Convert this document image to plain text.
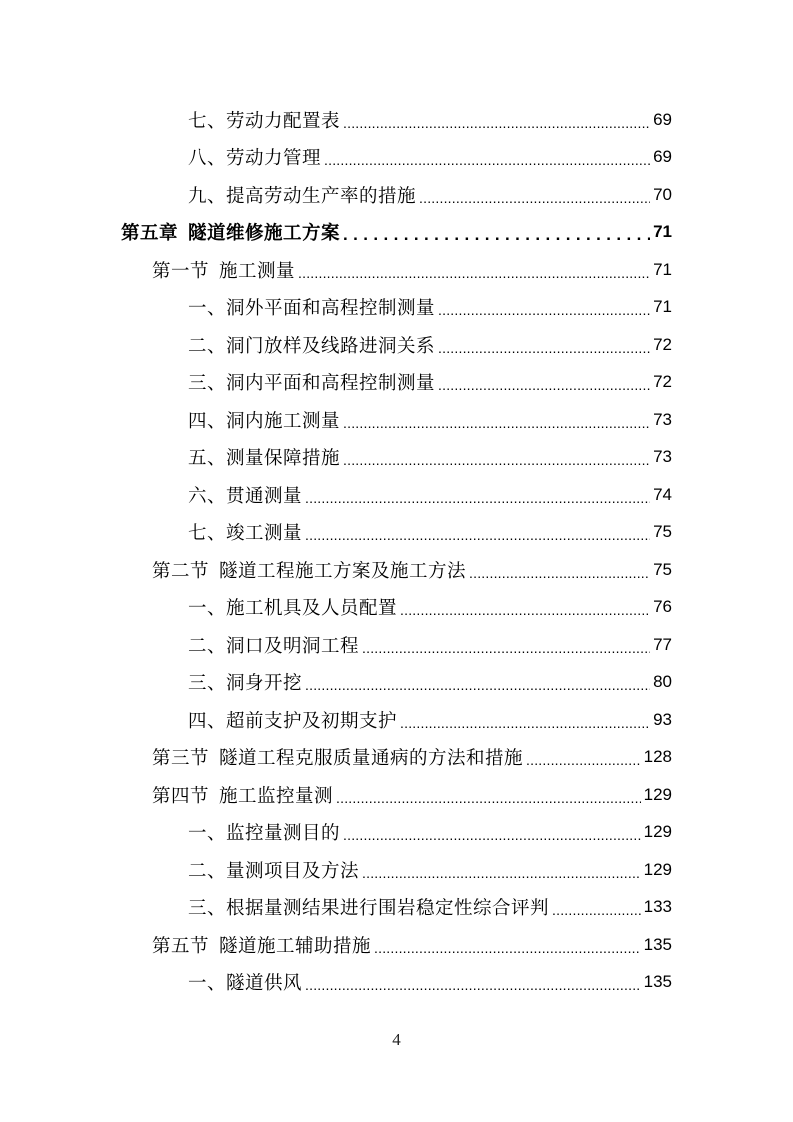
七、劳动力配置表 .....	69
八、劳动力管理 .....	69
九、提高劳动生产率的措施 .....	70
第五章 隧道维修施工方案 .....	71
第一节 施工测量 .....	71
一、洞外平面和高程控制测量 .....	71
二、洞门放样及线路进洞关系 .....	72
三、洞内平面和高程控制测量 .....	72
四、洞内施工测量 .....	73
五、测量保障措施 .....	73
六、贯通测量 .....	74
七、竣工测量 .....	75
第二节 隧道工程施工方案及施工方法 .....	75
一、施工机具及人员配置 .....	76
二、洞口及明洞工程 .....	77
三、洞身开挖 .....	80
四、超前支护及初期支护 .....	93
第三节 隧道工程克服质量通病的方法和措施 .....	128
第四节 施工监控量测 .....	129
一、监控量测目的 .....	129
二、量测项目及方法 .....	129
三、根据量测结果进行围岩稳定性综合评判 .....	133
第五节 隧道施工辅助措施 .....	135
一、隧道供风 .....	135
4
